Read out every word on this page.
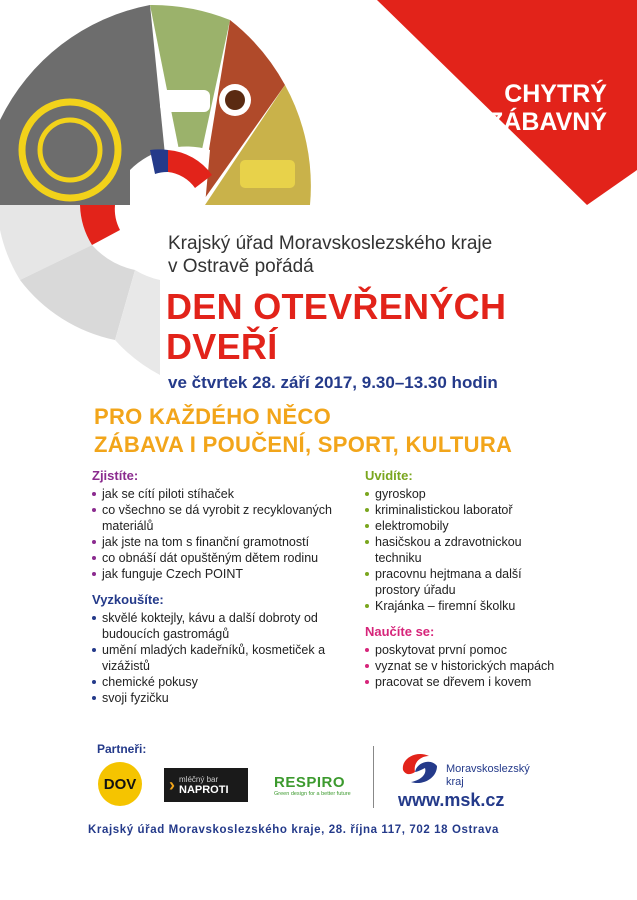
CHYTRÝ
A ZÁBAVNÝ
Krajský úřad Moravskoslezského kraje
v Ostravě pořádá
DEN OTEVŘENÝCH
DVEŘÍ
ve čtvrtek 28. září 2017, 9.30–13.30 hodin
PRO KAŽDÉHO NĚCO
ZÁBAVA I POUČENÍ, SPORT, KULTURA
Zjistíte:
jak se cítí piloti stíhaček
co všechno se dá vyrobit z recyklovaných materiálů
jak jste na tom s finanční gramotností
co obnáší dát opuštěným dětem rodinu
jak funguje Czech POINT
Vyzkoušíte:
skvělé koktejly, kávu a další dobroty od budoucích gastromágů
umění mladých kadeřníků, kosmetiček a vizážistů
chemické pokusy
svoji fyzičku
Uvidíte:
gyroskop
kriminalistickou laboratoř
elektromobily
hasičskou a zdravotnickou techniku
pracovnu hejtmana a další prostory úřadu
Krajánka – firemní školku
Naučíte se:
poskytovat první pomoc
vyznat se v historických mapách
pracovat se dřevem i kovem
Partneři:
DOV › mléčný bar
NAPROTI	RESPIRO
Green design for a better future
Moravskoslezský
kraj
www.msk.cz
Krajský úřad Moravskoslezského kraje, 28. října 117, 702 18 Ostrava
